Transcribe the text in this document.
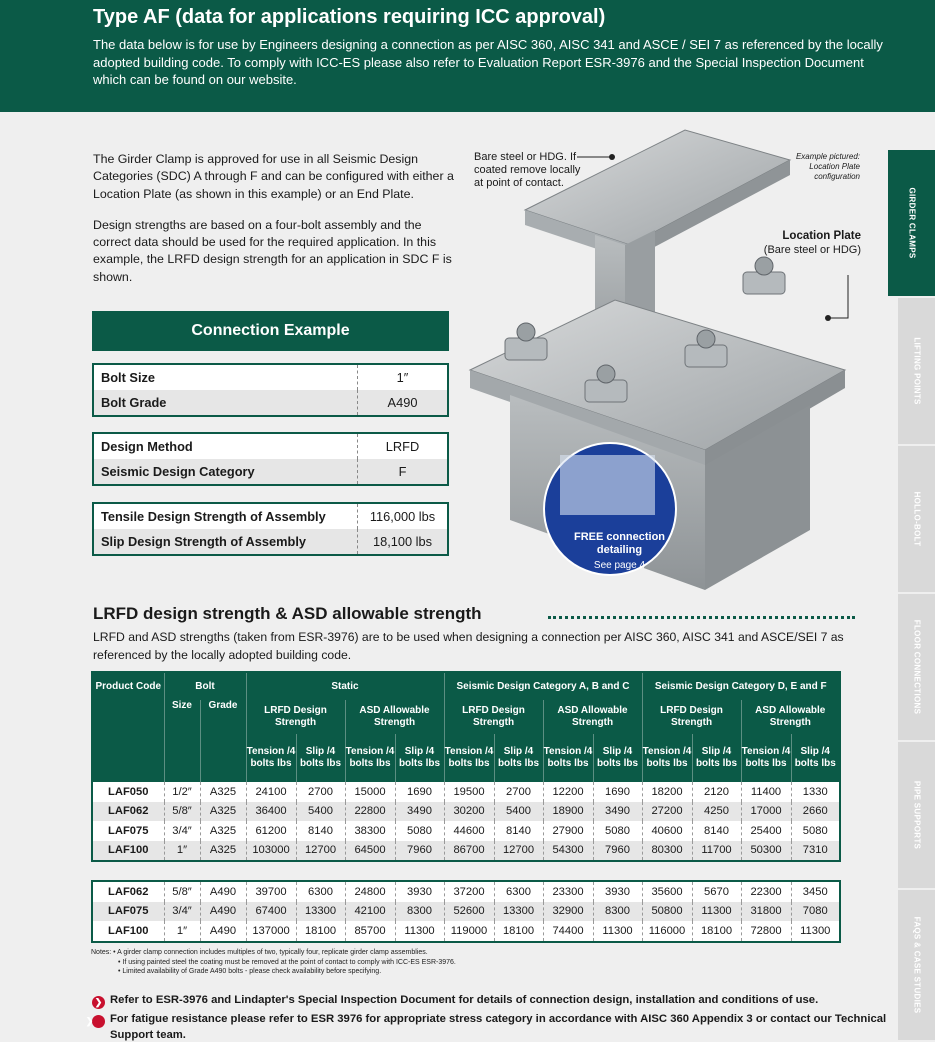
Type AF (data for applications requiring ICC approval)

The data below is for use by Engineers designing a connection as per AISC 360, AISC 341 and ASCE / SEI 7 as referenced by the locally adopted building code. To comply with ICC-ES please also refer to Evaluation Report ESR-3976 and the Special Inspection Document which can be found on our website.

The Girder Clamp is approved for use in all Seismic Design Categories (SDC) A through F and can be configured with either a Location Plate (as shown in this example) or an End Plate.

Design strengths are based on a four-bolt assembly and the correct data should be used for the required application. In this example, the LRFD design strength for an application in SDC F is shown.

Connection Example
Bolt Size	1″
Bolt Grade	A490
Design Method	LRFD
Seismic Design Category	F
Tensile Design Strength of Assembly	116,000 lbs
Slip Design Strength of Assembly	18,100 lbs
Bare steel or HDG. If coated remove locally at point of contact.
Example pictured: Location Plate configuration
Location Plate
(Bare steel or HDG)
FREE connection detailing
See page 4
LRFD design strength & ASD allowable strength
LRFD and ASD strengths (taken from ESR-3976) are to be used when designing a connection per AISC 360, AISC 341 and ASCE/SEI 7 as referenced by the locally adopted building code.
Product Code	Bolt		Static				Seismic Design Category A, B and C				Seismic Design Category D, E and F			
	Size	Grade	LRFD Design Strength		ASD Allowable Strength		LRFD Design Strength		ASD Allowable Strength		LRFD Design Strength		ASD Allowable Strength	
			Tension /4 bolts lbs	Slip /4 bolts lbs	Tension /4 bolts lbs	Slip /4 bolts lbs	Tension /4 bolts lbs	Slip /4 bolts lbs	Tension /4 bolts lbs	Slip /4 bolts lbs	Tension /4 bolts lbs	Slip /4 bolts lbs	Tension /4 bolts lbs	Slip /4 bolts lbs
LAF050	1/2″	A325	24100	2700	15000	1690	19500	2700	12200	1690	18200	2120	11400	1330
LAF062	5/8″	A325	36400	5400	22800	3490	30200	5400	18900	3490	27200	4250	17000	2660
LAF075	3/4″	A325	61200	8140	38300	5080	44600	8140	27900	5080	40600	8140	25400	5080
LAF100	1″	A325	103000	12700	64500	7960	86700	12700	54300	7960	80300	11700	50300	7310
LAF062	5/8″	A490	39700	6300	24800	3930	37200	6300	23300	3930	35600	5670	22300	3450
LAF075	3/4″	A490	67400	13300	42100	8300	52600	13300	32900	8300	50800	11300	31800	7080
LAF100	1″	A490	137000	18100	85700	11300	119000	18100	74400	11300	116000	18100	72800	11300
Notes: • A girder clamp connection includes multiples of two, typically four, replicate girder clamp assemblies.
• If using painted steel the coating must be removed at the point of contact to comply with ICC-ES ESR-3976.
• Limited availability of Grade A490 bolts - please check availability before specifying.
❯ Refer to ESR-3976 and Lindapter's Special Inspection Document for details of connection design, installation and conditions of use.
❯ For fatigue resistance please refer to ESR 3976 for appropriate stress category in accordance with AISC 360 Appendix 3 or contact our Technical Support team.
GIRDER CLAMPS
LIFTING POINTS
HOLLO-BOLT
FLOOR CONNECTIONS
PIPE SUPPORTS
FAQS & CASE STUDIES
